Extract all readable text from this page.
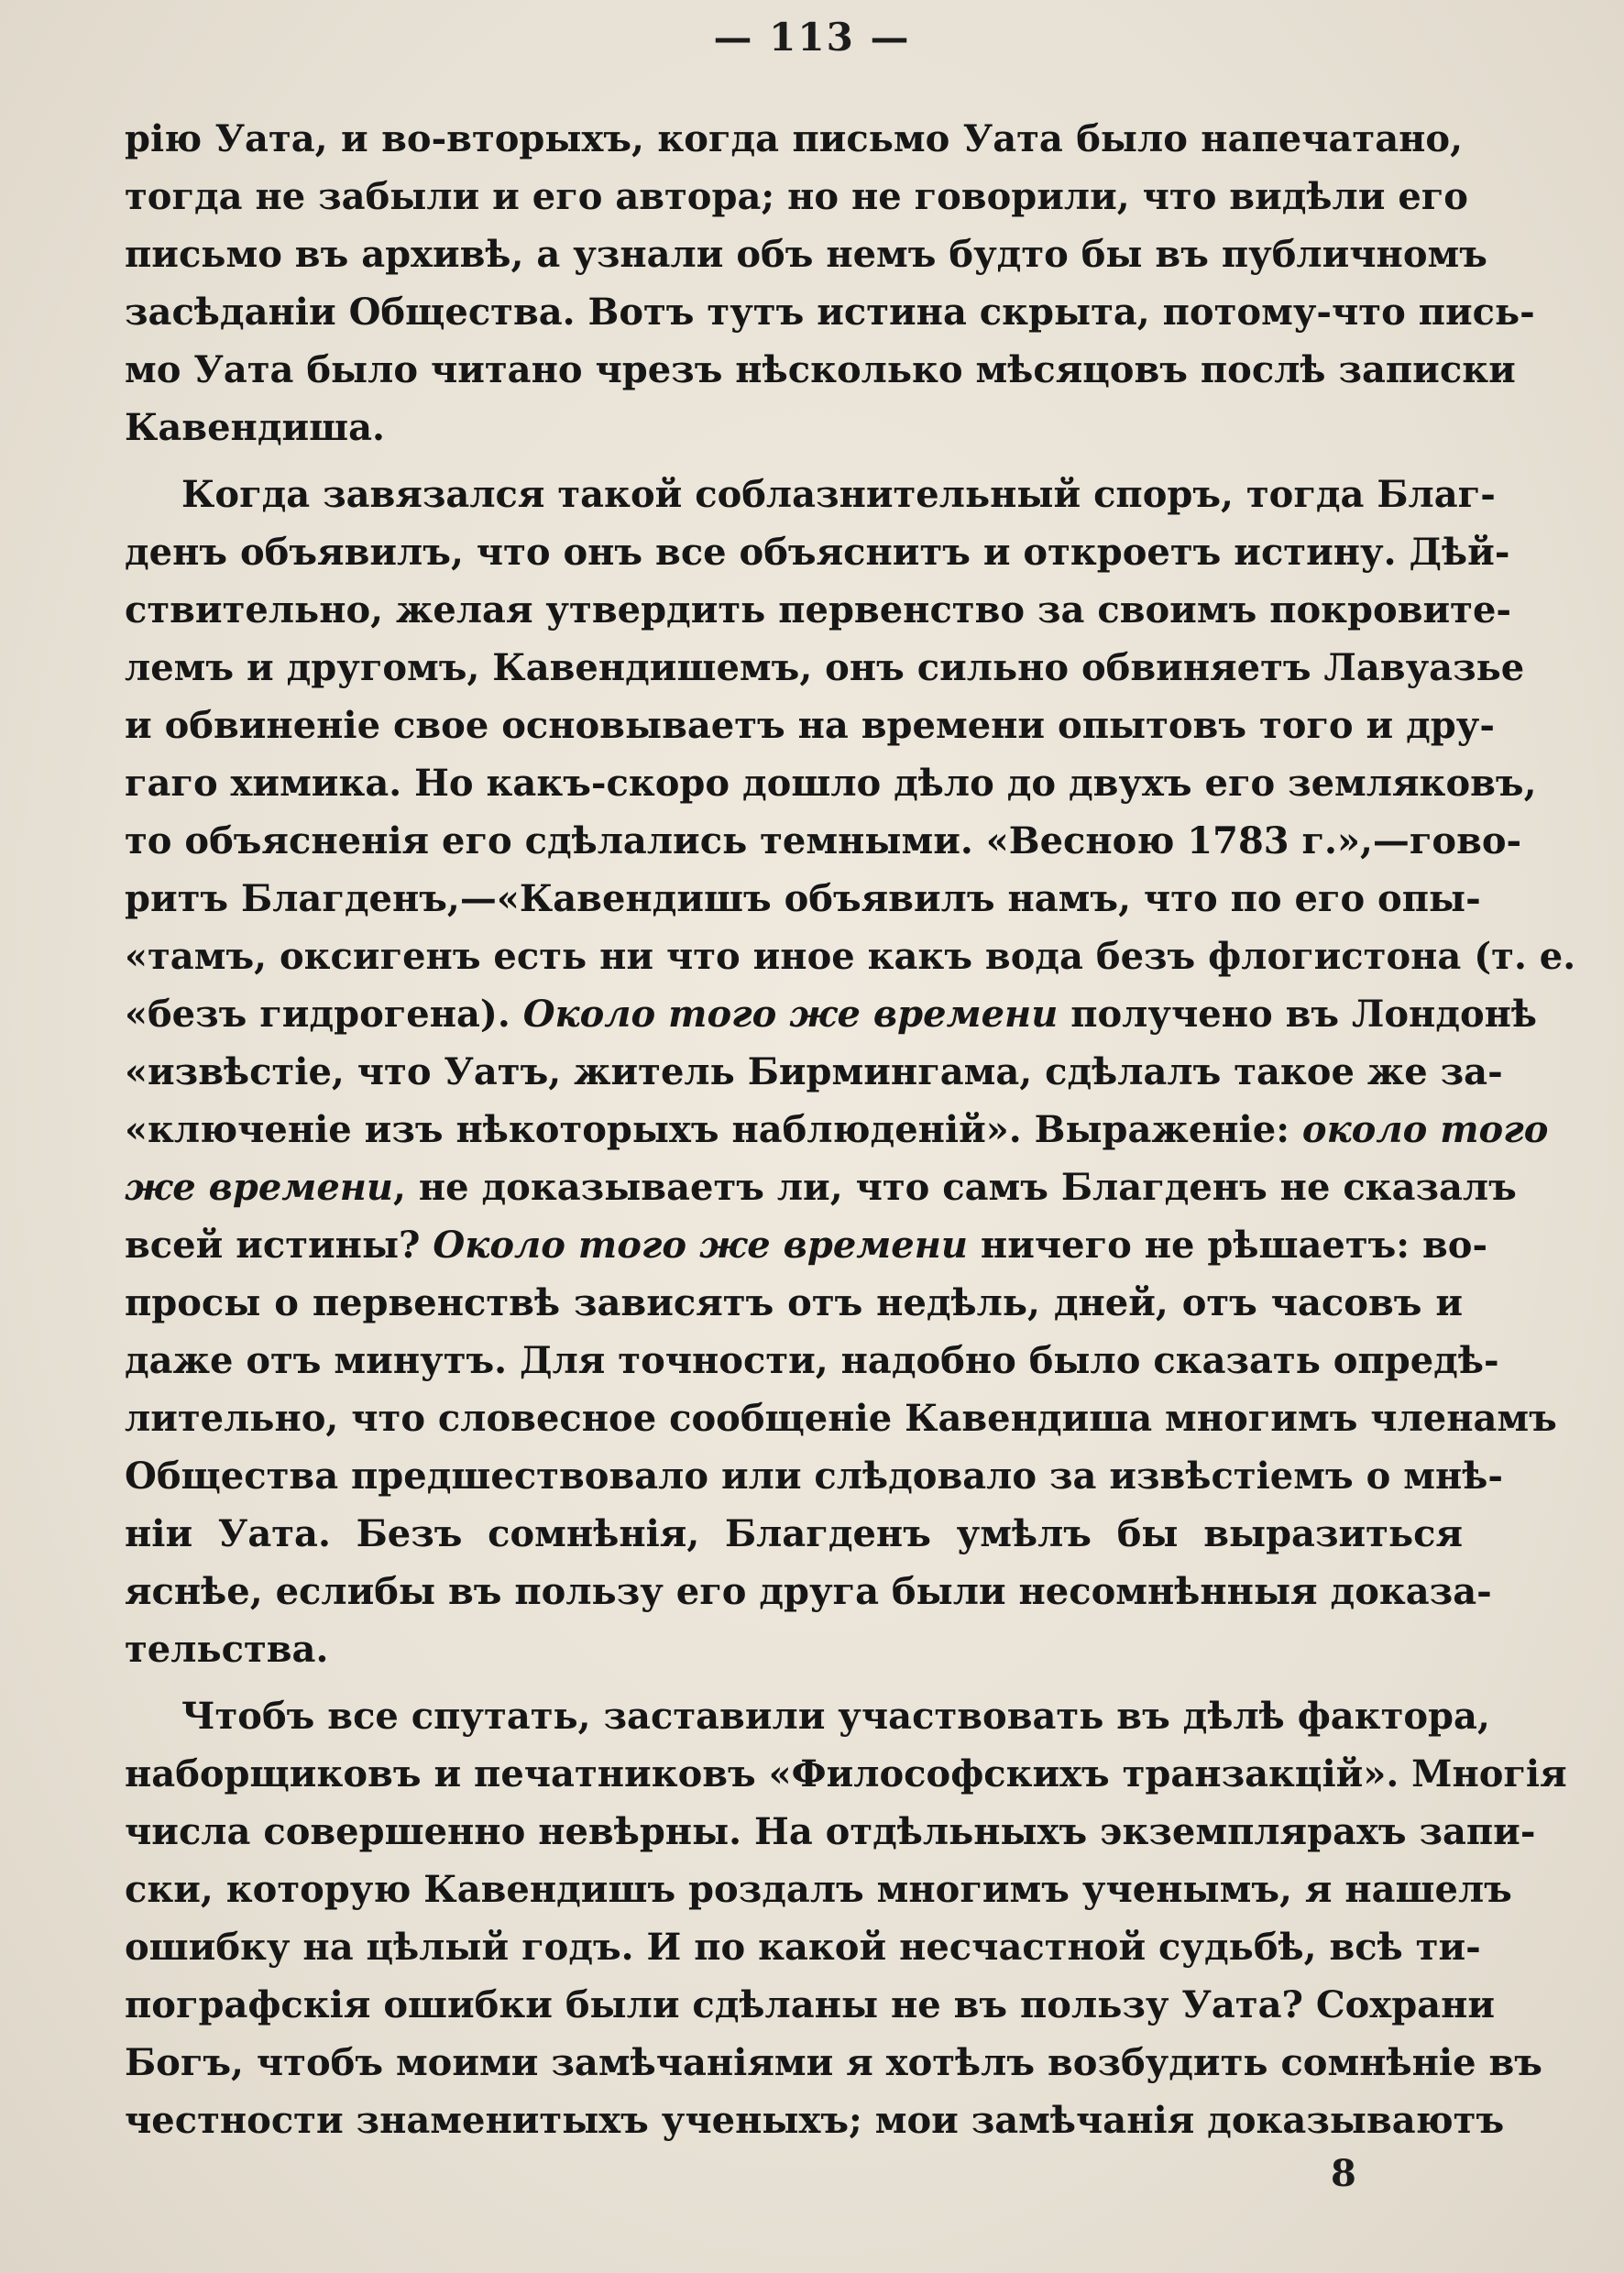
— 113 —
рію Уата, и во-вторыхъ, когда письмо Уата было напечатано,
тогда не забыли и его автора; но не говорили, что видѣли его
письмо въ архивѣ, а узнали объ немъ будто бы въ публичномъ
засѣданіи Общества. Вотъ тутъ истина скрыта, потому-что пись-
мо Уата было читано чрезъ нѣсколько мѣсяцовъ послѣ записки
Кавендиша.
Когда завязался такой соблазнительный споръ, тогда Благ-
денъ объявилъ, что онъ все объяснитъ и откроетъ истину. Дѣй-
ствительно, желая утвердить первенство за своимъ покровите-
лемъ и другомъ, Кавендишемъ, онъ сильно обвиняетъ Лавуазье
и обвиненіе свое основываетъ на времени опытовъ того и дру-
гаго химика. Но какъ-скоро дошло дѣло до двухъ его земляковъ,
то объясненія его сдѣлались темными. «Весною 1783 г.»,—гово-
ритъ Благденъ,—«Кавендишъ объявилъ намъ, что по его опы-
«тамъ, оксигенъ есть ни что иное какъ вода безъ флогистона (т. е.
«безъ гидрогена). Около того же времени получено въ Лондонѣ
«извѣстіе, что Уатъ, житель Бирмингама, сдѣлалъ такое же за-
«ключеніе изъ нѣкоторыхъ наблюденій». Выраженіе: около того
же времени, не доказываетъ ли, что самъ Благденъ не сказалъ
всей истины? Около того же времени ничего не рѣшаетъ: во-
просы о первенствѣ зависятъ отъ недѣль, дней, отъ часовъ и
даже отъ минутъ. Для точности, надобно было сказать опредѣ-
лительно, что словесное сообщеніе Кавендиша многимъ членамъ
Общества предшествовало или слѣдовало за извѣстіемъ о мнѣ-
ніи Уата. Безъ сомнѣнія, Благденъ умѣлъ бы выразиться
яснѣе, еслибы въ пользу его друга были несомнѣнныя доказа-
тельства.
Чтобъ все спутать, заставили участвовать въ дѣлѣ фактора,
наборщиковъ и печатниковъ «Философскихъ транзакцій». Многія
числа совершенно невѣрны. На отдѣльныхъ экземплярахъ запи-
ски, которую Кавендишъ роздалъ многимъ ученымъ, я нашелъ
ошибку на цѣлый годъ. И по какой несчастной судьбѣ, всѣ ти-
пографскія ошибки были сдѣланы не въ пользу Уата? Сохрани
Богъ, чтобъ моими замѣчаніями я хотѣлъ возбудить сомнѣніе въ
честности знаменитыхъ ученыхъ; мои замѣчанія доказываютъ
8
